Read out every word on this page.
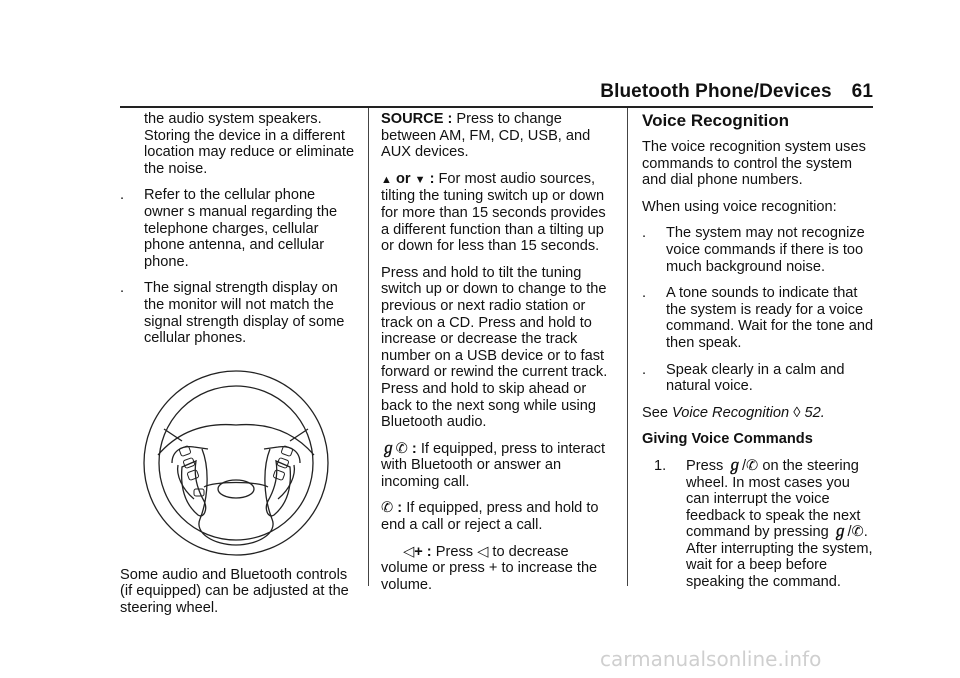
Bluetooth Phone/Devices 61

the audio system speakers. Storing the device in a different location may reduce or eliminate the noise.

. Refer to the cellular phone owner s manual regarding the telephone charges, cellular phone antenna, and cellular phone.

. The signal strength display on the monitor will not match the signal strength display of some cellular phones.

Some audio and Bluetooth controls (if equipped) can be adjusted at the steering wheel.

SOURCE : Press to change between AM, FM, CD, USB, and AUX devices.

▲ or ▼ : For most audio sources, tilting the tuning switch up or down for more than 15 seconds provides a different function than a tilting up or down for less than 15 seconds.

Press and hold to tilt the tuning switch up or down to change to the previous or next radio station or track on a CD. Press and hold to increase or decrease the track number on a USB device or to fast forward or rewind the current track. Press and hold to skip ahead or back to the next song while using Bluetooth audio.

ℊ✆ : If equipped, press to interact with Bluetooth or answer an incoming call.

✆ : If equipped, press and hold to end a call or reject a call.

◁+ : Press ◁ to decrease volume or press + to increase the volume.

Voice Recognition

The voice recognition system uses commands to control the system and dial phone numbers.

When using voice recognition:

. The system may not recognize voice commands if there is too much background noise.

. A tone sounds to indicate that the system is ready for a voice command. Wait for the tone and then speak.

. Speak clearly in a calm and natural voice.

See Voice Recognition ◊ 52.

Giving Voice Commands

1. Press ℊ/✆ on the steering wheel. In most cases you can interrupt the voice feedback to speak the next command by pressing ℊ/✆. After interrupting the system, wait for a beep before speaking the command.

carmanualsonline.info
